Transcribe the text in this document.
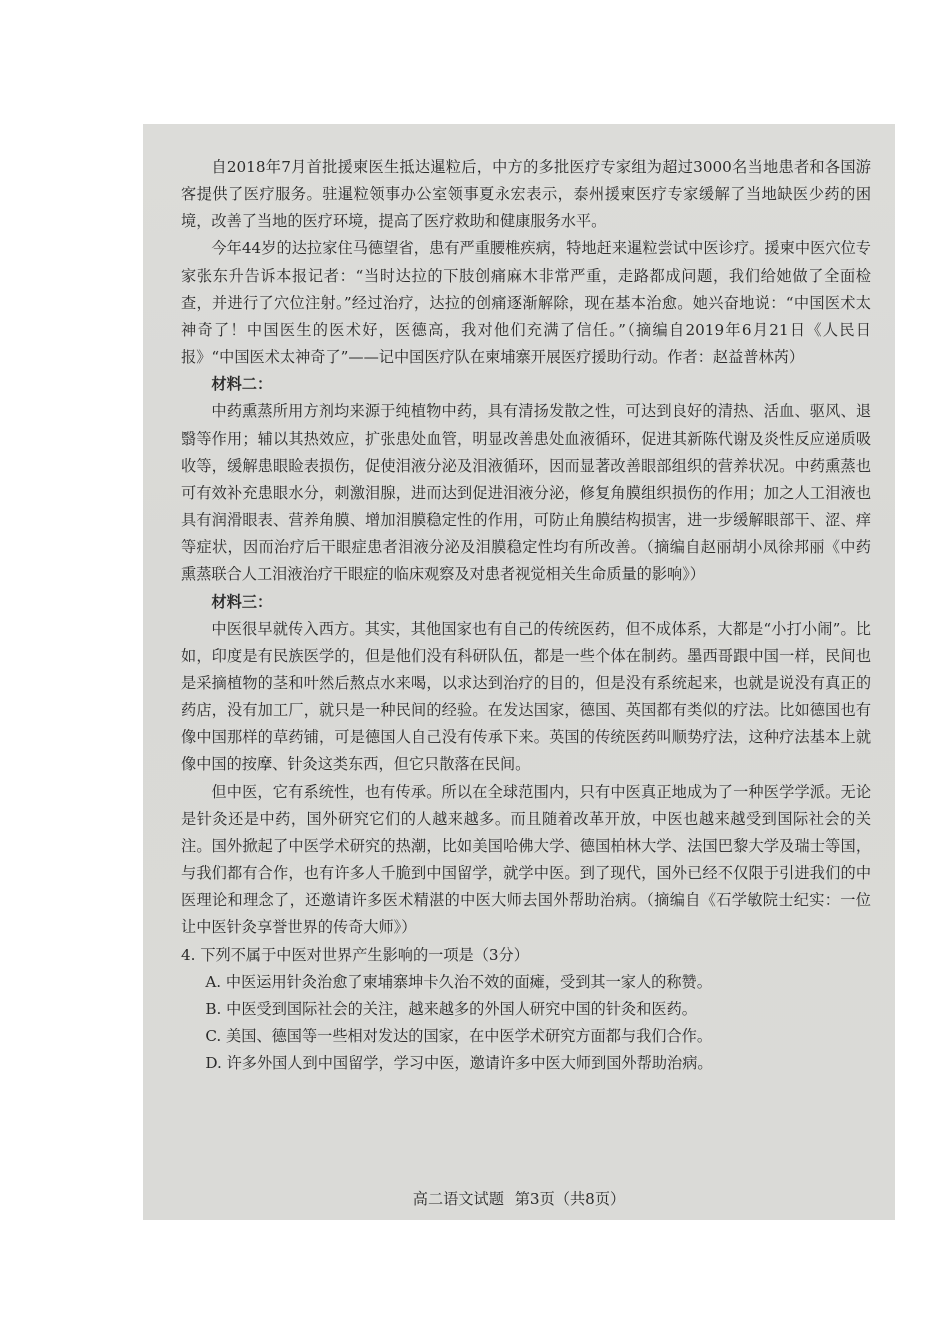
自2018年7月首批援柬医生抵达暹粒后，中方的多批医疗专家组为超过3000名当地患者和各国游客提供了医疗服务。驻暹粒领事办公室领事夏永宏表示，泰州援柬医疗专家缓解了当地缺医少药的困境，改善了当地的医疗环境，提高了医疗救助和健康服务水平。

今年44岁的达拉家住马德望省，患有严重腰椎疾病，特地赶来暹粒尝试中医诊疗。援柬中医穴位专家张东升告诉本报记者：“当时达拉的下肢创痛麻木非常严重，走路都成问题，我们给她做了全面检查，并进行了穴位注射。”经过治疗，达拉的创痛逐渐解除，现在基本治愈。她兴奋地说：“中国医术太神奇了！中国医生的医术好，医德高，我对他们充满了信任。”（摘编自2019年6月21日《人民日报》“中国医术太神奇了”——记中国医疗队在柬埔寨开展医疗援助行动。作者：赵益普林芮）

材料二：

中药熏蒸所用方剂均来源于纯植物中药，具有清扬发散之性，可达到良好的清热、活血、驱风、退翳等作用；辅以其热效应，扩张患处血管，明显改善患处血液循环，促进其新陈代谢及炎性反应递质吸收等，缓解患眼睑表损伤，促使泪液分泌及泪液循环，因而显著改善眼部组织的营养状况。中药熏蒸也可有效补充患眼水分，刺激泪腺，进而达到促进泪液分泌，修复角膜组织损伤的作用；加之人工泪液也具有润滑眼表、营养角膜、增加泪膜稳定性的作用，可防止角膜结构损害，进一步缓解眼部干、涩、痒等症状，因而治疗后干眼症患者泪液分泌及泪膜稳定性均有所改善。（摘编自赵丽胡小凤徐邦丽《中药熏蒸联合人工泪液治疗干眼症的临床观察及对患者视觉相关生命质量的影响》）

材料三：

中医很早就传入西方。其实，其他国家也有自己的传统医药，但不成体系，大都是“小打小闹”。比如，印度是有民族医学的，但是他们没有科研队伍，都是一些个体在制药。墨西哥跟中国一样，民间也是采摘植物的茎和叶然后熬点水来喝，以求达到治疗的目的，但是没有系统起来，也就是说没有真正的药店，没有加工厂，就只是一种民间的经验。在发达国家，德国、英国都有类似的疗法。比如德国也有像中国那样的草药铺，可是德国人自己没有传承下来。英国的传统医药叫顺势疗法，这种疗法基本上就像中国的按摩、针灸这类东西，但它只散落在民间。

但中医，它有系统性，也有传承。所以在全球范围内，只有中医真正地成为了一种医学学派。无论是针灸还是中药，国外研究它们的人越来越多。而且随着改革开放，中医也越来越受到国际社会的关注。国外掀起了中医学术研究的热潮，比如美国哈佛大学、德国柏林大学、法国巴黎大学及瑞士等国，与我们都有合作，也有许多人千脆到中国留学，就学中医。到了现代，国外已经不仅限于引进我们的中医理论和理念了，还邀请许多医术精湛的中医大师去国外帮助治病。（摘编自《石学敏院士纪实：一位让中医针灸享誉世界的传奇大师》）

4. 下列不属于中医对世界产生影响的一项是（3分）

A. 中医运用针灸治愈了柬埔寨坤卡久治不效的面瘫，受到其一家人的称赞。

B. 中医受到国际社会的关注，越来越多的外国人研究中国的针灸和医药。

C. 美国、德国等一些相对发达的国家，在中医学术研究方面都与我们合作。

D. 许多外国人到中国留学，学习中医，邀请许多中医大师到国外帮助治病。

高二语文试题 第3页（共8页）
